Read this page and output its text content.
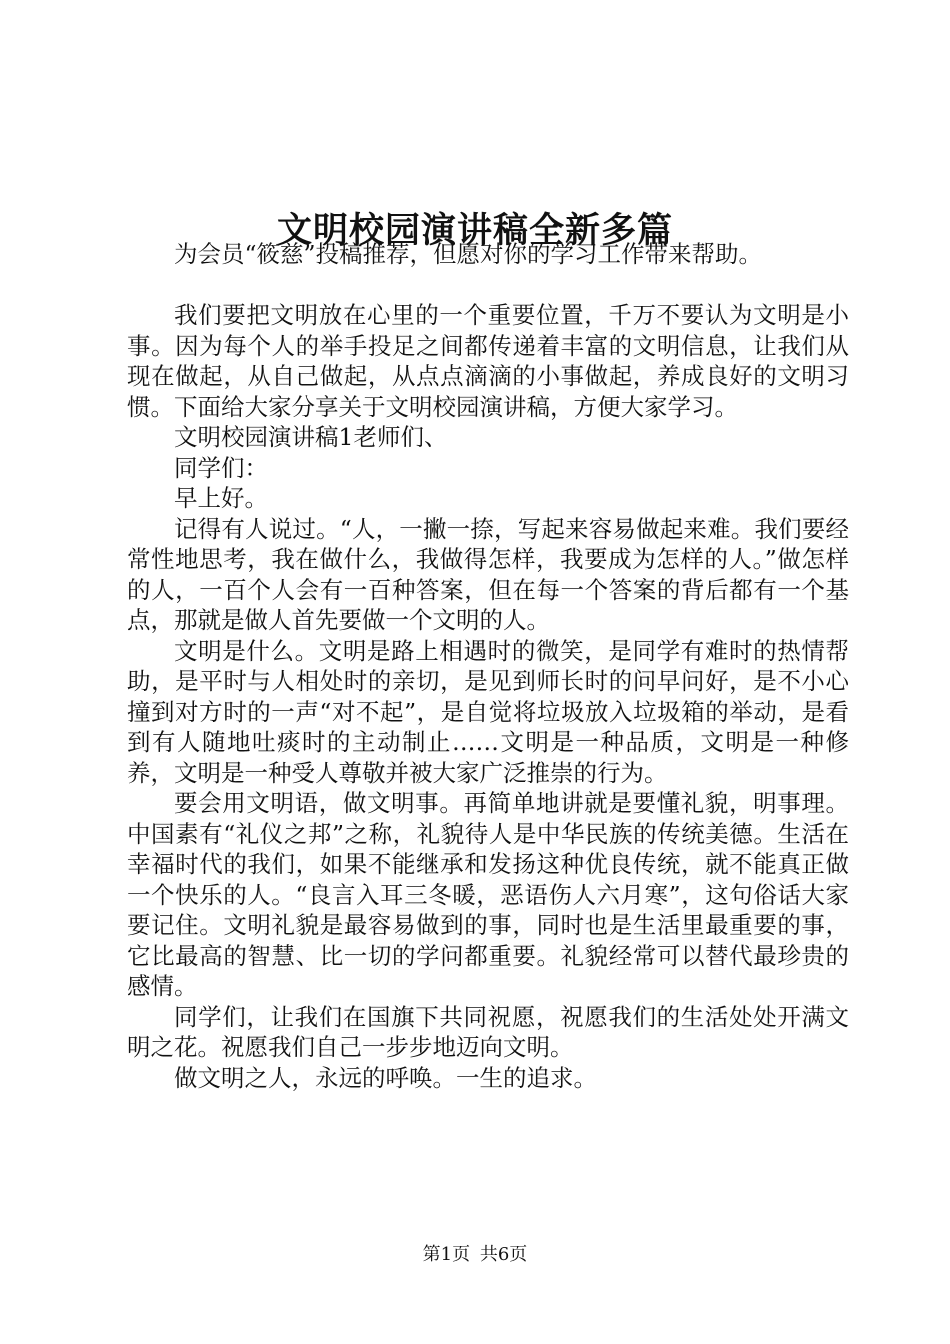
文明校园演讲稿全新多篇

为会员“筱慈”投稿推荐，但愿对你的学习工作带来帮助。

我们要把文明放在心里的一个重要位置，千万不要认为文明是小事。因为每个人的举手投足之间都传递着丰富的文明信息，让我们从现在做起，从自己做起，从点点滴滴的小事做起，养成良好的文明习惯。下面给大家分享关于文明校园演讲稿，方便大家学习。

文明校园演讲稿1老师们、

同学们：

早上好。

记得有人说过。“人，一撇一捺，写起来容易做起来难。我们要经常性地思考，我在做什么，我做得怎样，我要成为怎样的人。”做怎样的人，一百个人会有一百种答案，但在每一个答案的背后都有一个基点，那就是做人首先要做一个文明的人。

文明是什么。文明是路上相遇时的微笑，是同学有难时的热情帮助，是平时与人相处时的亲切，是见到师长时的问早问好，是不小心撞到对方时的一声“对不起”，是自觉将垃圾放入垃圾箱的举动，是看到有人随地吐痰时的主动制止……文明是一种品质，文明是一种修养，文明是一种受人尊敬并被大家广泛推崇的行为。

要会用文明语，做文明事。再简单地讲就是要懂礼貌，明事理。中国素有“礼仪之邦”之称，礼貌待人是中华民族的传统美德。生活在幸福时代的我们，如果不能继承和发扬这种优良传统，就不能真正做一个快乐的人。“良言入耳三冬暖，恶语伤人六月寒”，这句俗话大家要记住。文明礼貌是最容易做到的事，同时也是生活里最重要的事，它比最高的智慧、比一切的学问都重要。礼貌经常可以替代最珍贵的感情。

同学们，让我们在国旗下共同祝愿，祝愿我们的生活处处开满文明之花。祝愿我们自己一步步地迈向文明。

做文明之人，永远的呼唤。一生的追求。

第1页 共6页
